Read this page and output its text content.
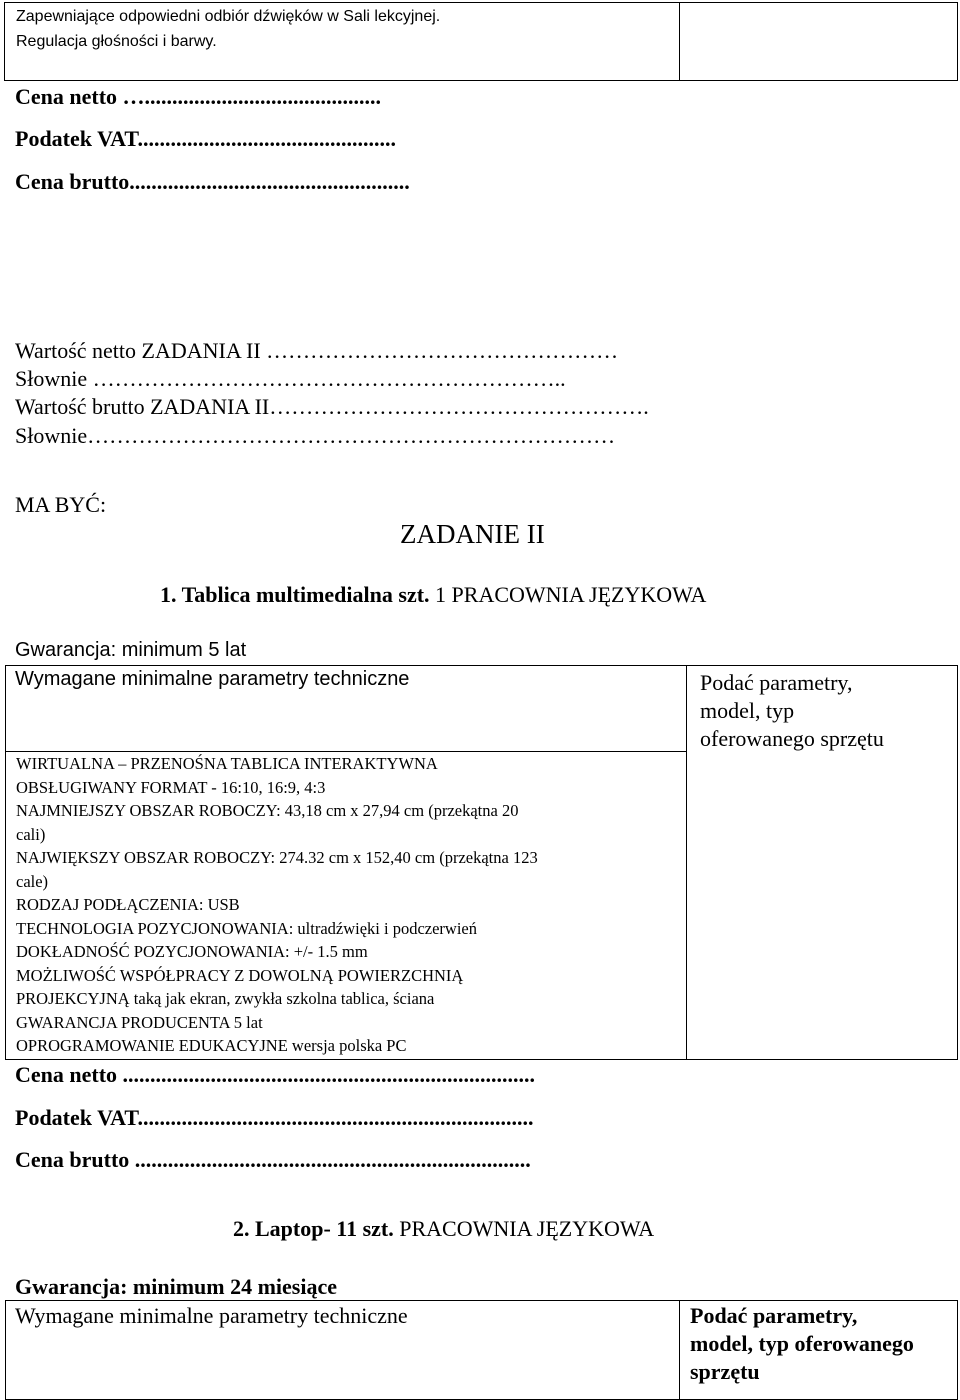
Zapewniające odpowiedni odbiór dźwięków w Sali lekcyjnej.
Regulacja głośności i barwy.
Cena netto …...........................................
Podatek VAT...............................................
Cena brutto...................................................
Wartość netto ZADANIA II …………………………………………
Słownie ………………………………………………………..
Wartość brutto ZADANIA II…………………………………………….
Słownie………………………………………………………………
MA BYĆ:
ZADANIE II
1. Tablica multimedialna szt. 1 PRACOWNIA JĘZYKOWA
Gwarancja: minimum 5 lat
Wymagane minimalne parametry techniczne	Podać parametry,
model, typ
oferowanego sprzętu
WIRTUALNA – PRZENOŚNA TABLICA INTERAKTYWNA
OBSŁUGIWANY FORMAT - 16:10, 16:9, 4:3
NAJMNIEJSZY OBSZAR ROBOCZY: 43,18 cm x 27,94 cm (przekątna 20
cali)
NAJWIĘKSZY OBSZAR ROBOCZY: 274.32 cm x 152,40 cm (przekątna 123
cale)
RODZAJ PODŁĄCZENIA: USB
TECHNOLOGIA POZYCJONOWANIA: ultradźwięki i podczerwień
DOKŁADNOŚĆ POZYCJONOWANIA: +/- 1.5 mm
MOŻLIWOŚĆ WSPÓŁPRACY Z DOWOLNĄ POWIERZCHNIĄ
PROJEKCYJNĄ taką jak ekran, zwykła szkolna tablica, ściana
GWARANCJA PRODUCENTA 5 lat
OPROGRAMOWANIE EDUKACYJNE wersja polska PC
Cena netto ...........................................................................
Podatek VAT........................................................................
Cena brutto ........................................................................
2. Laptop- 11 szt. PRACOWNIA JĘZYKOWA
Gwarancja: minimum 24 miesiące
Wymagane minimalne parametry techniczne	Podać parametry,
model, typ oferowanego
sprzętu
